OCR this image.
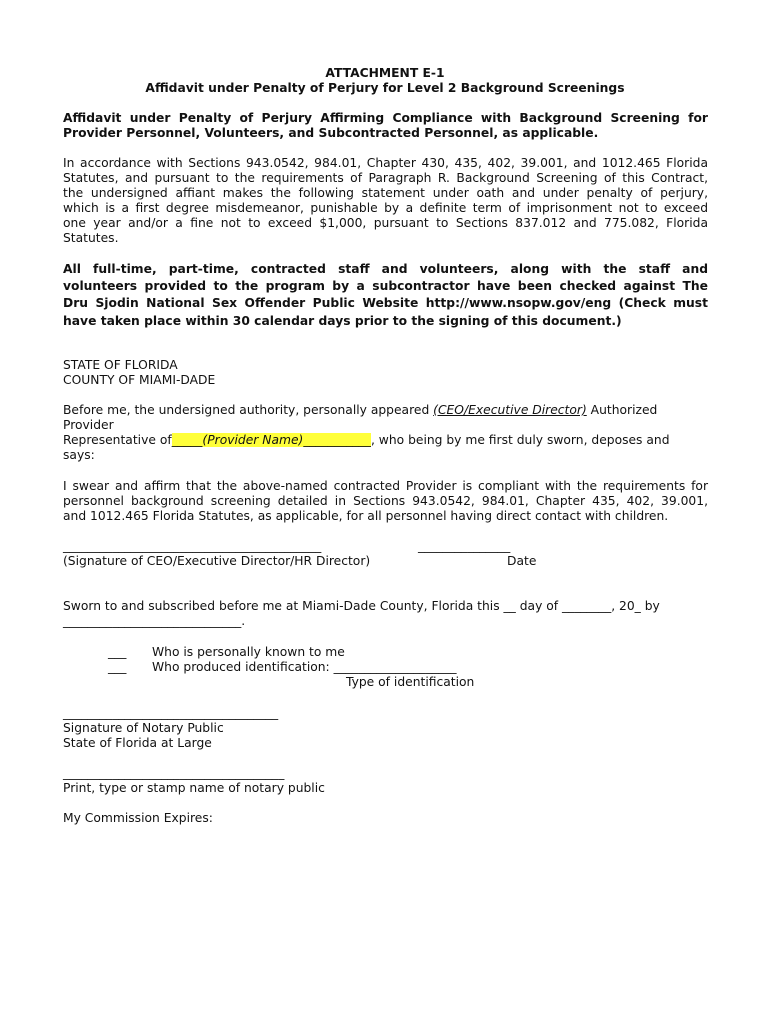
ATTACHMENT E-1
Affidavit under Penalty of Perjury for Level 2 Background Screenings
Affidavit under Penalty of Perjury Affirming Compliance with Background Screening for
Provider Personnel, Volunteers, and Subcontracted Personnel, as applicable.
In accordance with Sections 943.0542, 984.01, Chapter 430, 435, 402, 39.001, and 1012.465 Florida
Statutes, and pursuant to the requirements of Paragraph R. Background Screening of this Contract,
the undersigned affiant makes the following statement under oath and under penalty of perjury,
which is a first degree misdemeanor, punishable by a definite term of imprisonment not to exceed
one year and/or a fine not to exceed $1,000, pursuant to Sections 837.012 and 775.082, Florida
Statutes.
All full-time, part-time, contracted staff and volunteers, along with the staff and
volunteers provided to the program by a subcontractor have been checked against The
Dru Sjodin National Sex Offender Public Website http://www.nsopw.gov/eng (Check must
have taken place within 30 calendar days prior to the signing of this document.)
STATE OF FLORIDA
COUNTY OF MIAMI-DADE
Before me, the undersigned authority, personally appeared (CEO/Executive Director) Authorized
Provider
Representative of_____(Provider Name)___________, who being by me first duly sworn, deposes and
says:
I swear and affirm that the above-named contracted Provider is compliant with the requirements for
personnel background screening detailed in Sections 943.0542, 984.01, Chapter 435, 402, 39.001,
and 1012.465 Florida Statutes, as applicable, for all personnel having direct contact with children.
__________________________________________	_______________
(Signature of CEO/Executive Director/HR Director)	Date
Sworn to and subscribed before me at Miami-Dade County, Florida this __ day of ________, 20_ by
_____________________________.
___ Who is personally known to me
___ Who produced identification: ____________________
Type of identification
___________________________________
Signature of Notary Public
State of Florida at Large
____________________________________
Print, type or stamp name of notary public
My Commission Expires:
